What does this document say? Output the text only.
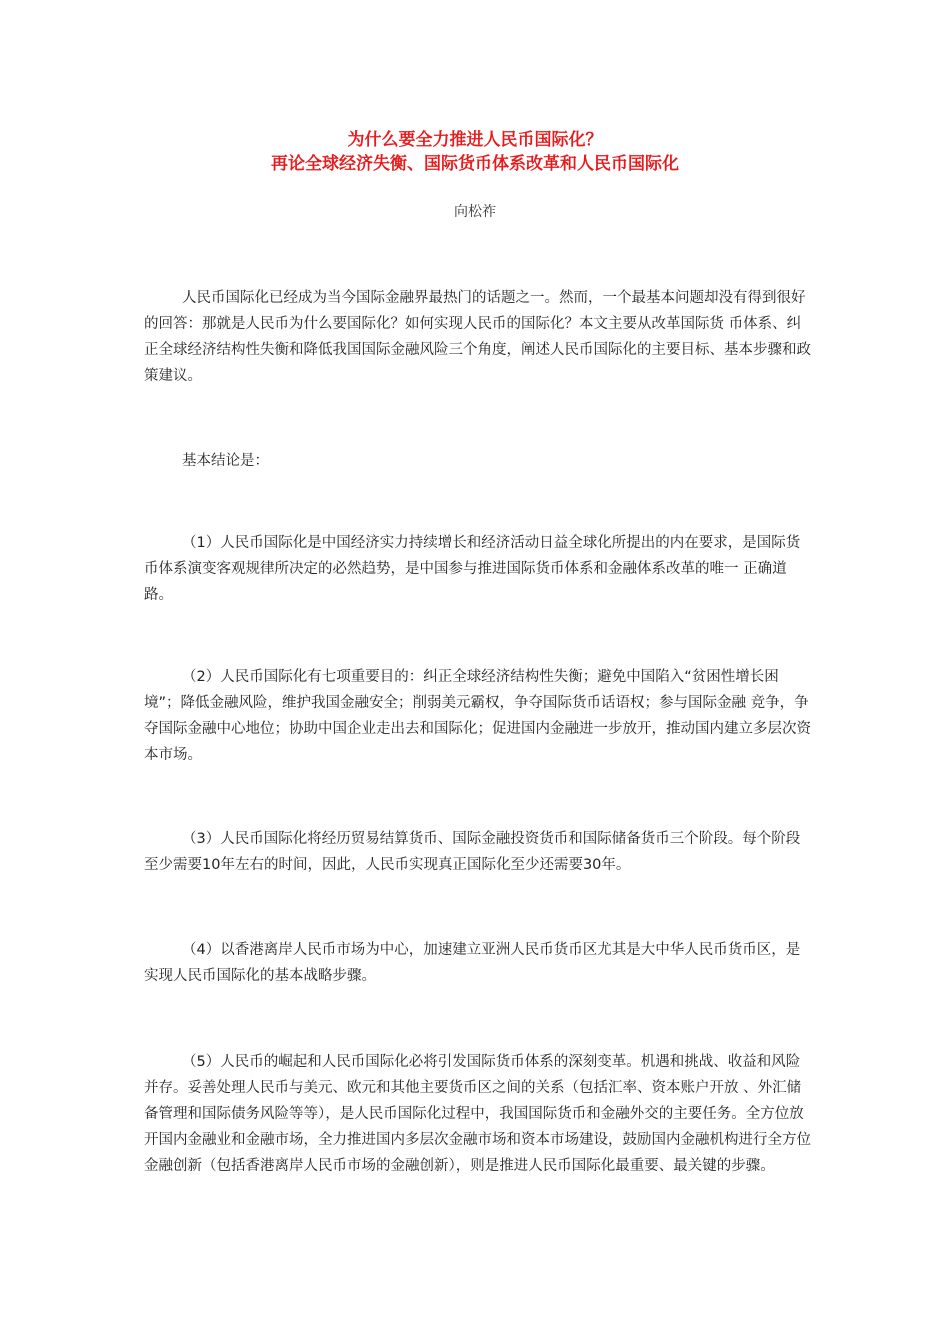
为什么要全力推进人民币国际化？
再论全球经济失衡、国际货币体系改革和人民币国际化

向松祚

人民币国际化已经成为当今国际金融界最热门的话题之一。然而，一个最基本问题却没有得到很好的回答：那就是人民币为什么要国际化？如何实现人民币的国际化？本文主要从改革国际货 币体系、纠正全球经济结构性失衡和降低我国国际金融风险三个角度，阐述人民币国际化的主要目标、基本步骤和政策建议。

基本结论是：

（1）人民币国际化是中国经济实力持续增长和经济活动日益全球化所提出的内在要求，是国际货币体系演变客观规律所决定的必然趋势，是中国参与推进国际货币体系和金融体系改革的唯一 正确道路。

（2）人民币国际化有七项重要目的：纠正全球经济结构性失衡；避免中国陷入“贫困性增长困境”；降低金融风险，维护我国金融安全；削弱美元霸权，争夺国际货币话语权；参与国际金融 竞争，争夺国际金融中心地位；协助中国企业走出去和国际化；促进国内金融进一步放开，推动国内建立多层次资本市场。

（3）人民币国际化将经历贸易结算货币、国际金融投资货币和国际储备货币三个阶段。每个阶段至少需要10年左右的时间，因此，人民币实现真正国际化至少还需要30年。

（4）以香港离岸人民币市场为中心，加速建立亚洲人民币货币区尤其是大中华人民币货币区，是实现人民币国际化的基本战略步骤。

（5）人民币的崛起和人民币国际化必将引发国际货币体系的深刻变革。机遇和挑战、收益和风险并存。妥善处理人民币与美元、欧元和其他主要货币区之间的关系（包括汇率、资本账户开放 、外汇储备管理和国际债务风险等等），是人民币国际化过程中，我国国际货币和金融外交的主要任务。全方位放开国内金融业和金融市场，全力推进国内多层次金融市场和资本市场建设，鼓励国内金融机构进行全方位金融创新（包括香港离岸人民币市场的金融创新），则是推进人民币国际化最重要、最关键的步骤。
